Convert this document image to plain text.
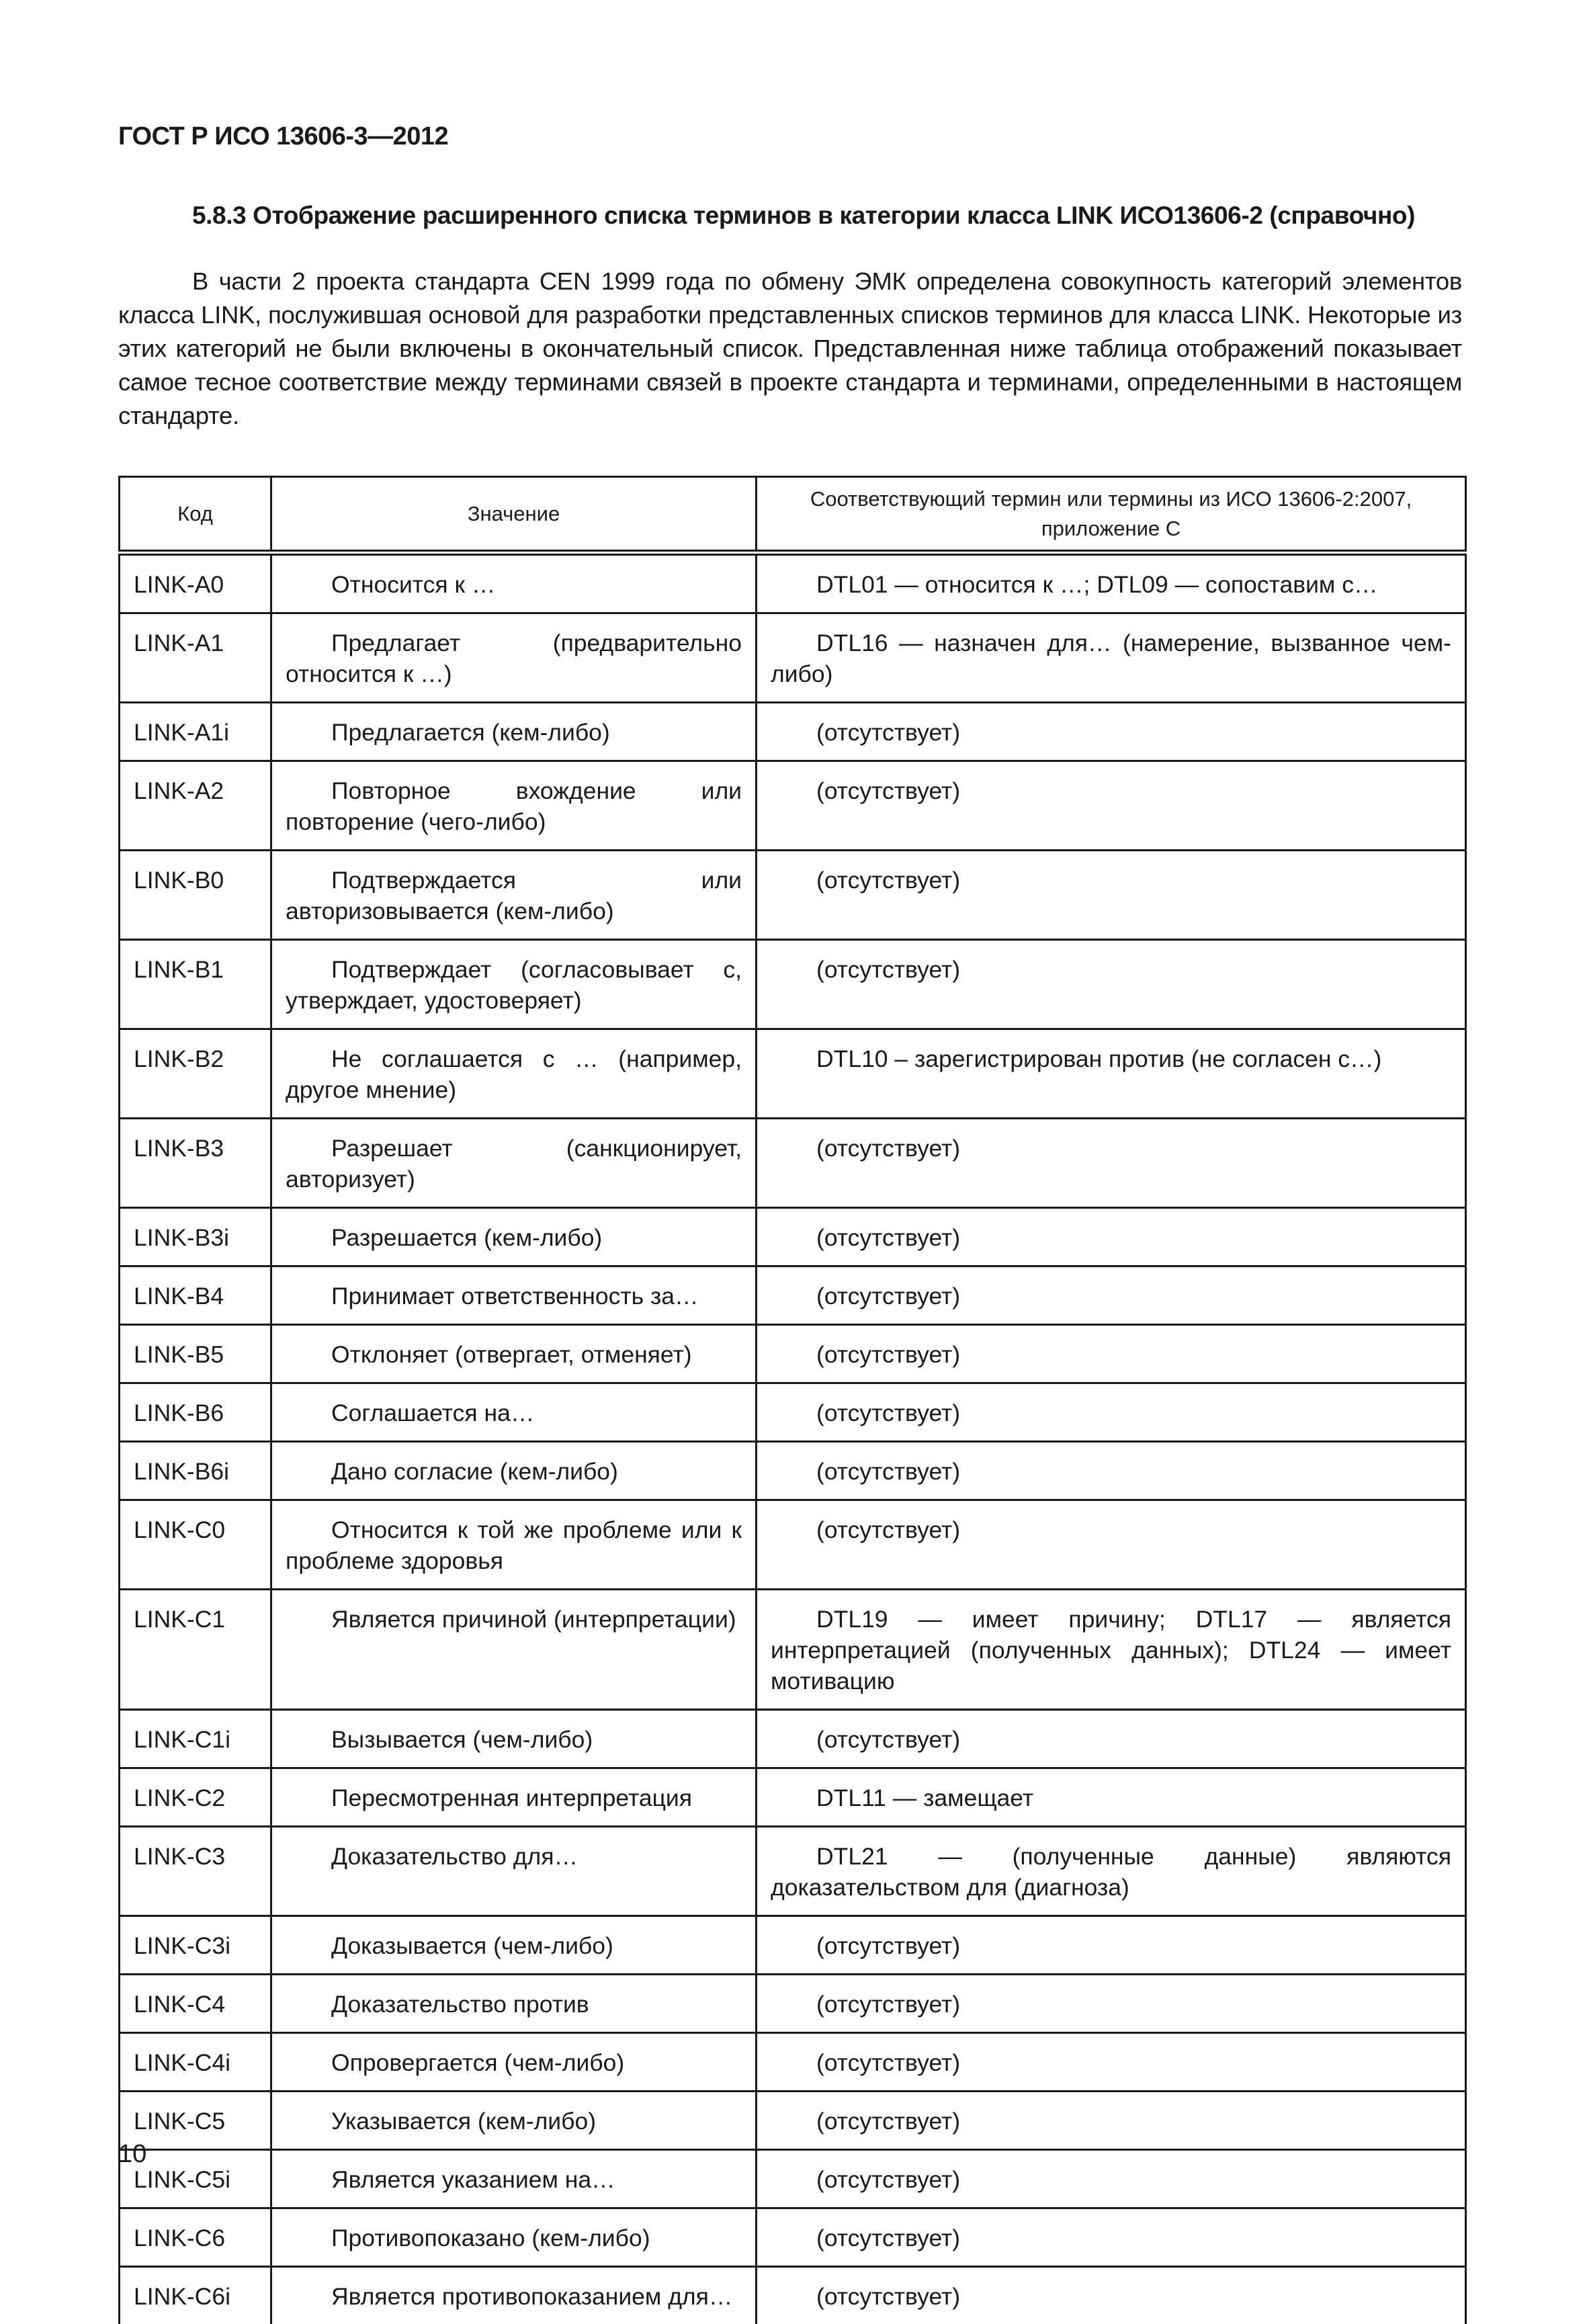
ГОСТ Р ИСО 13606-3—2012
5.8.3 Отображение расширенного списка терминов в категории класса LINK ИСО13606-2 (справочно)
В части 2 проекта стандарта CEN 1999 года по обмену ЭМК определена совокупность категорий элементов класса LINK, послужившая основой для разработки представленных списков терминов для класса LINK. Некоторые из этих категорий не были включены в окончательный список. Представленная ниже таблица отображений показывает самое тесное соответствие между терминами связей в проекте стандарта и терминами, определенными в настоящем стандарте.
Код	Значение	Соответствующий термин или термины из ИСО 13606-2:2007, приложение С
LINK-A0	Относится к …	DTL01 — относится к …; DTL09 — сопоставим с…
LINK-A1	Предлагает (предварительно относится к …)	DTL16 — назначен для… (намерение, вызванное чем-либо)
LINK-A1i	Предлагается (кем-либо)	(отсутствует)
LINK-A2	Повторное вхождение или повторение (чего-либо)	(отсутствует)
LINK-B0	Подтверждается или авторизовывается (кем-либо)	(отсутствует)
LINK-B1	Подтверждает (согласовывает с, утверждает, удостоверяет)	(отсутствует)
LINK-B2	Не соглашается с … (например, другое мнение)	DTL10 – зарегистрирован против (не согласен с…)
LINK-B3	Разрешает (санкционирует, авторизует)	(отсутствует)
LINK-B3i	Разрешается (кем-либо)	(отсутствует)
LINK-B4	Принимает ответственность за…	(отсутствует)
LINK-B5	Отклоняет (отвергает, отменяет)	(отсутствует)
LINK-B6	Соглашается на…	(отсутствует)
LINK-B6i	Дано согласие (кем-либо)	(отсутствует)
LINK-C0	Относится к той же проблеме или к проблеме здоровья	(отсутствует)
LINK-C1	Является причиной (интерпретации)	DTL19 — имеет причину; DTL17 — является интерпретацией (полученных данных); DTL24 — имеет мотивацию
LINK-C1i	Вызывается (чем-либо)	(отсутствует)
LINK-C2	Пересмотренная интерпретация	DTL11 — замещает
LINK-C3	Доказательство для…	DTL21 — (полученные данные) являются доказательством для (диагноза)
LINK-C3i	Доказывается (чем-либо)	(отсутствует)
LINK-C4	Доказательство против	(отсутствует)
LINK-C4i	Опровергается (чем-либо)	(отсутствует)
LINK-C5	Указывается (кем-либо)	(отсутствует)
LINK-C5i	Является указанием на…	(отсутствует)
LINK-C6	Противопоказано (кем-либо)	(отсутствует)
LINK-C6i	Является противопоказанием для…	(отсутствует)
10
